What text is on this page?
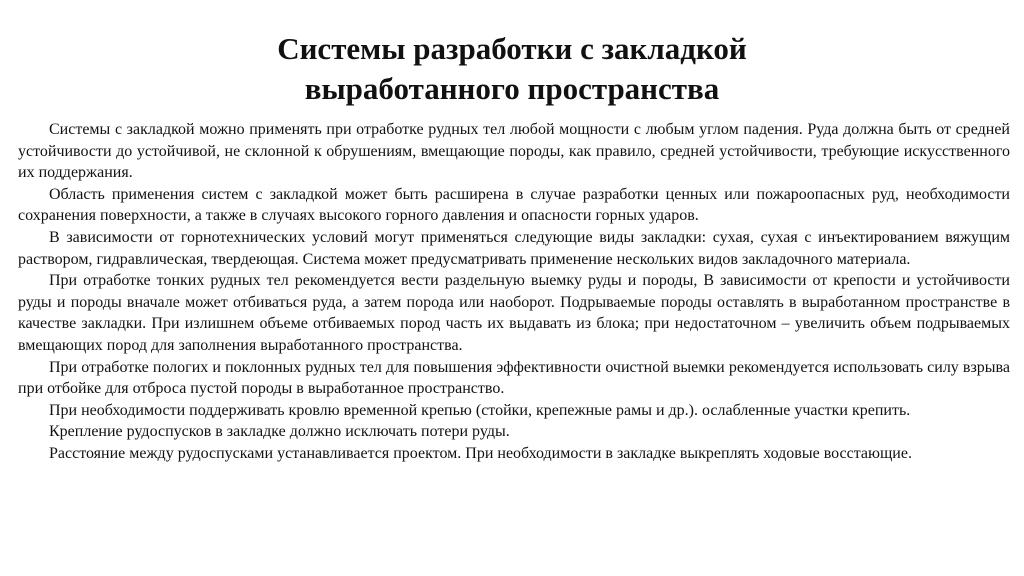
Системы разработки с закладкой
выработанного пространства

Системы с закладкой можно применять при отработке рудных тел любой мощности с любым углом падения. Руда должна быть от средней устойчивости до устойчивой, не склонной к обрушениям, вмещающие породы, как правило, средней устойчивости, требующие искусственного их поддержания.

Область применения систем с закладкой может быть расширена в случае разработки ценных или пожароопасных руд, необходимости сохранения поверхности, а также в случаях высокого горного давления и опасности горных ударов.

В зависимости от горнотехнических условий могут применяться следующие виды закладки: сухая, сухая с инъектированием вяжущим раствором, гидравлическая, твердеющая. Система может предусматривать применение нескольких видов закладочного материала.

При отработке тонких рудных тел рекомендуется вести раздельную выемку руды и породы, В зависимости от крепости и устойчивости руды и породы вначале может отбиваться руда, а затем порода или наоборот. Подрываемые породы оставлять в выработанном пространстве в качестве закладки. При излишнем объеме отбиваемых пород часть их выдавать из блока; при недостаточном – увеличить объем подрываемых вмещающих пород для заполнения выработанного пространства.

При отработке пологих и поклонных рудных тел для повышения эффективности очистной выемки рекомендуется использовать силу взрыва при отбойке для отброса пустой породы в выработанное пространство.

При необходимости поддерживать кровлю временной крепью (стойки, крепежные рамы и др.). ослабленные участки крепить.

Крепление рудоспусков в закладке должно исключать потери руды.

Расстояние между рудоспусками устанавливается проектом. При необходимости в закладке выкреплять ходовые восстающие.
